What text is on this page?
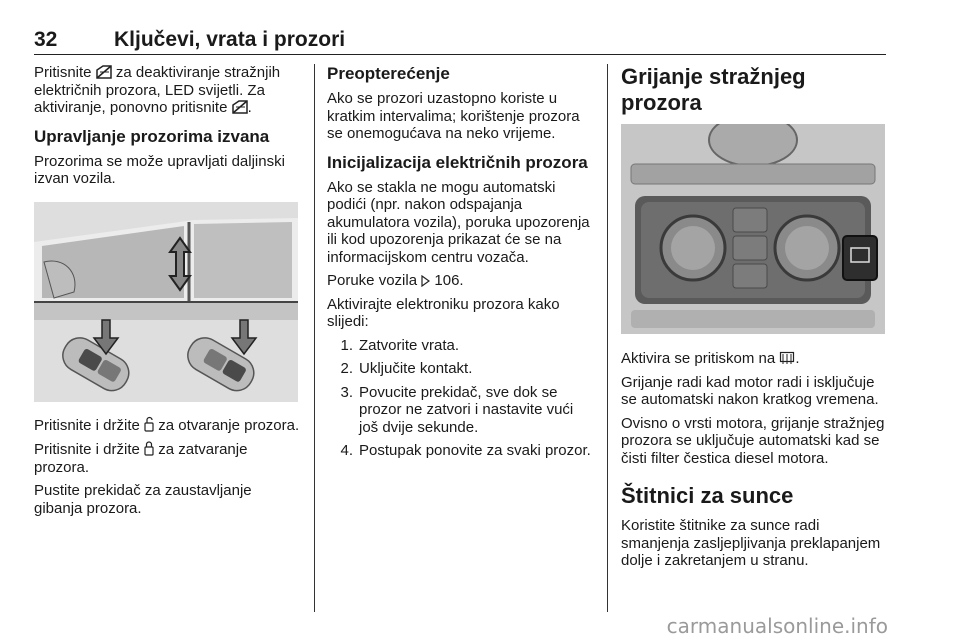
32	Ključevi, vrata i prozori

Pritisnite za deaktiviranje stražnjih električnih prozora, LED svijetli. Za aktiviranje, ponovno pritisnite .

Upravljanje prozorima izvana

Prozorima se može upravljati daljinski izvan vozila.

Pritisnite i držite za otvaranje prozora.

Pritisnite i držite za zatvaranje prozora.

Pustite prekidač za zaustavljanje gibanja prozora.

Preopterećenje

Ako se prozori uzastopno koriste u kratkim intervalima; korištenje prozora se onemogućava na neko vrijeme.

Inicijalizacija električnih prozora

Ako se stakla ne mogu automatski podići (npr. nakon odspajanja akumulatora vozila), poruka upozorenja ili kod upozorenja prikazat će se na informacijskom centru vozača.

Poruke vozila 106.

Aktivirajte elektroniku prozora kako slijedi:

1. Zatvorite vrata.
2. Uključite kontakt.
3. Povucite prekidač, sve dok se prozor ne zatvori i nastavite vući još dvije sekunde.
4. Postupak ponovite za svaki prozor.
Grijanje stražnjeg prozora

Aktivira se pritiskom na .

Grijanje radi kad motor radi i isključuje se automatski nakon kratkog vremena.

Ovisno o vrsti motora, grijanje stražnjeg prozora se uključuje automatski kad se čisti filter čestica diesel motora.

Štitnici za sunce

Koristite štitnike za sunce radi smanjenja zasljepljivanja preklapanjem dolje i zakretanjem u stranu.

carmanualsonline.info
